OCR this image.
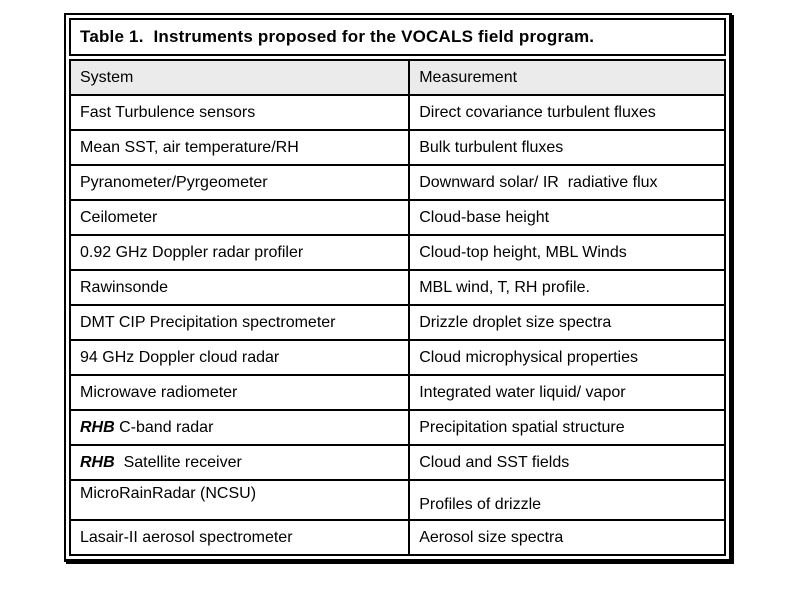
Table 1.  Instruments proposed for the VOCALS field program.
System	Measurement
Fast Turbulence sensors	Direct covariance turbulent fluxes
Mean SST, air temperature/RH	Bulk turbulent fluxes
Pyranometer/Pyrgeometer	Downward solar/ IR  radiative flux
Ceilometer	Cloud-base height
0.92 GHz Doppler radar profiler	Cloud-top height, MBL Winds
Rawinsonde	MBL wind, T, RH profile.
DMT CIP Precipitation spectrometer	Drizzle droplet size spectra
94 GHz Doppler cloud radar	Cloud microphysical properties
Microwave radiometer	Integrated water liquid/ vapor
RHB C-band radar	Precipitation spatial structure
RHB  Satellite receiver	Cloud and SST fields
MicroRainRadar (NCSU)	Profiles of drizzle
Lasair-II aerosol spectrometer	Aerosol size spectra
